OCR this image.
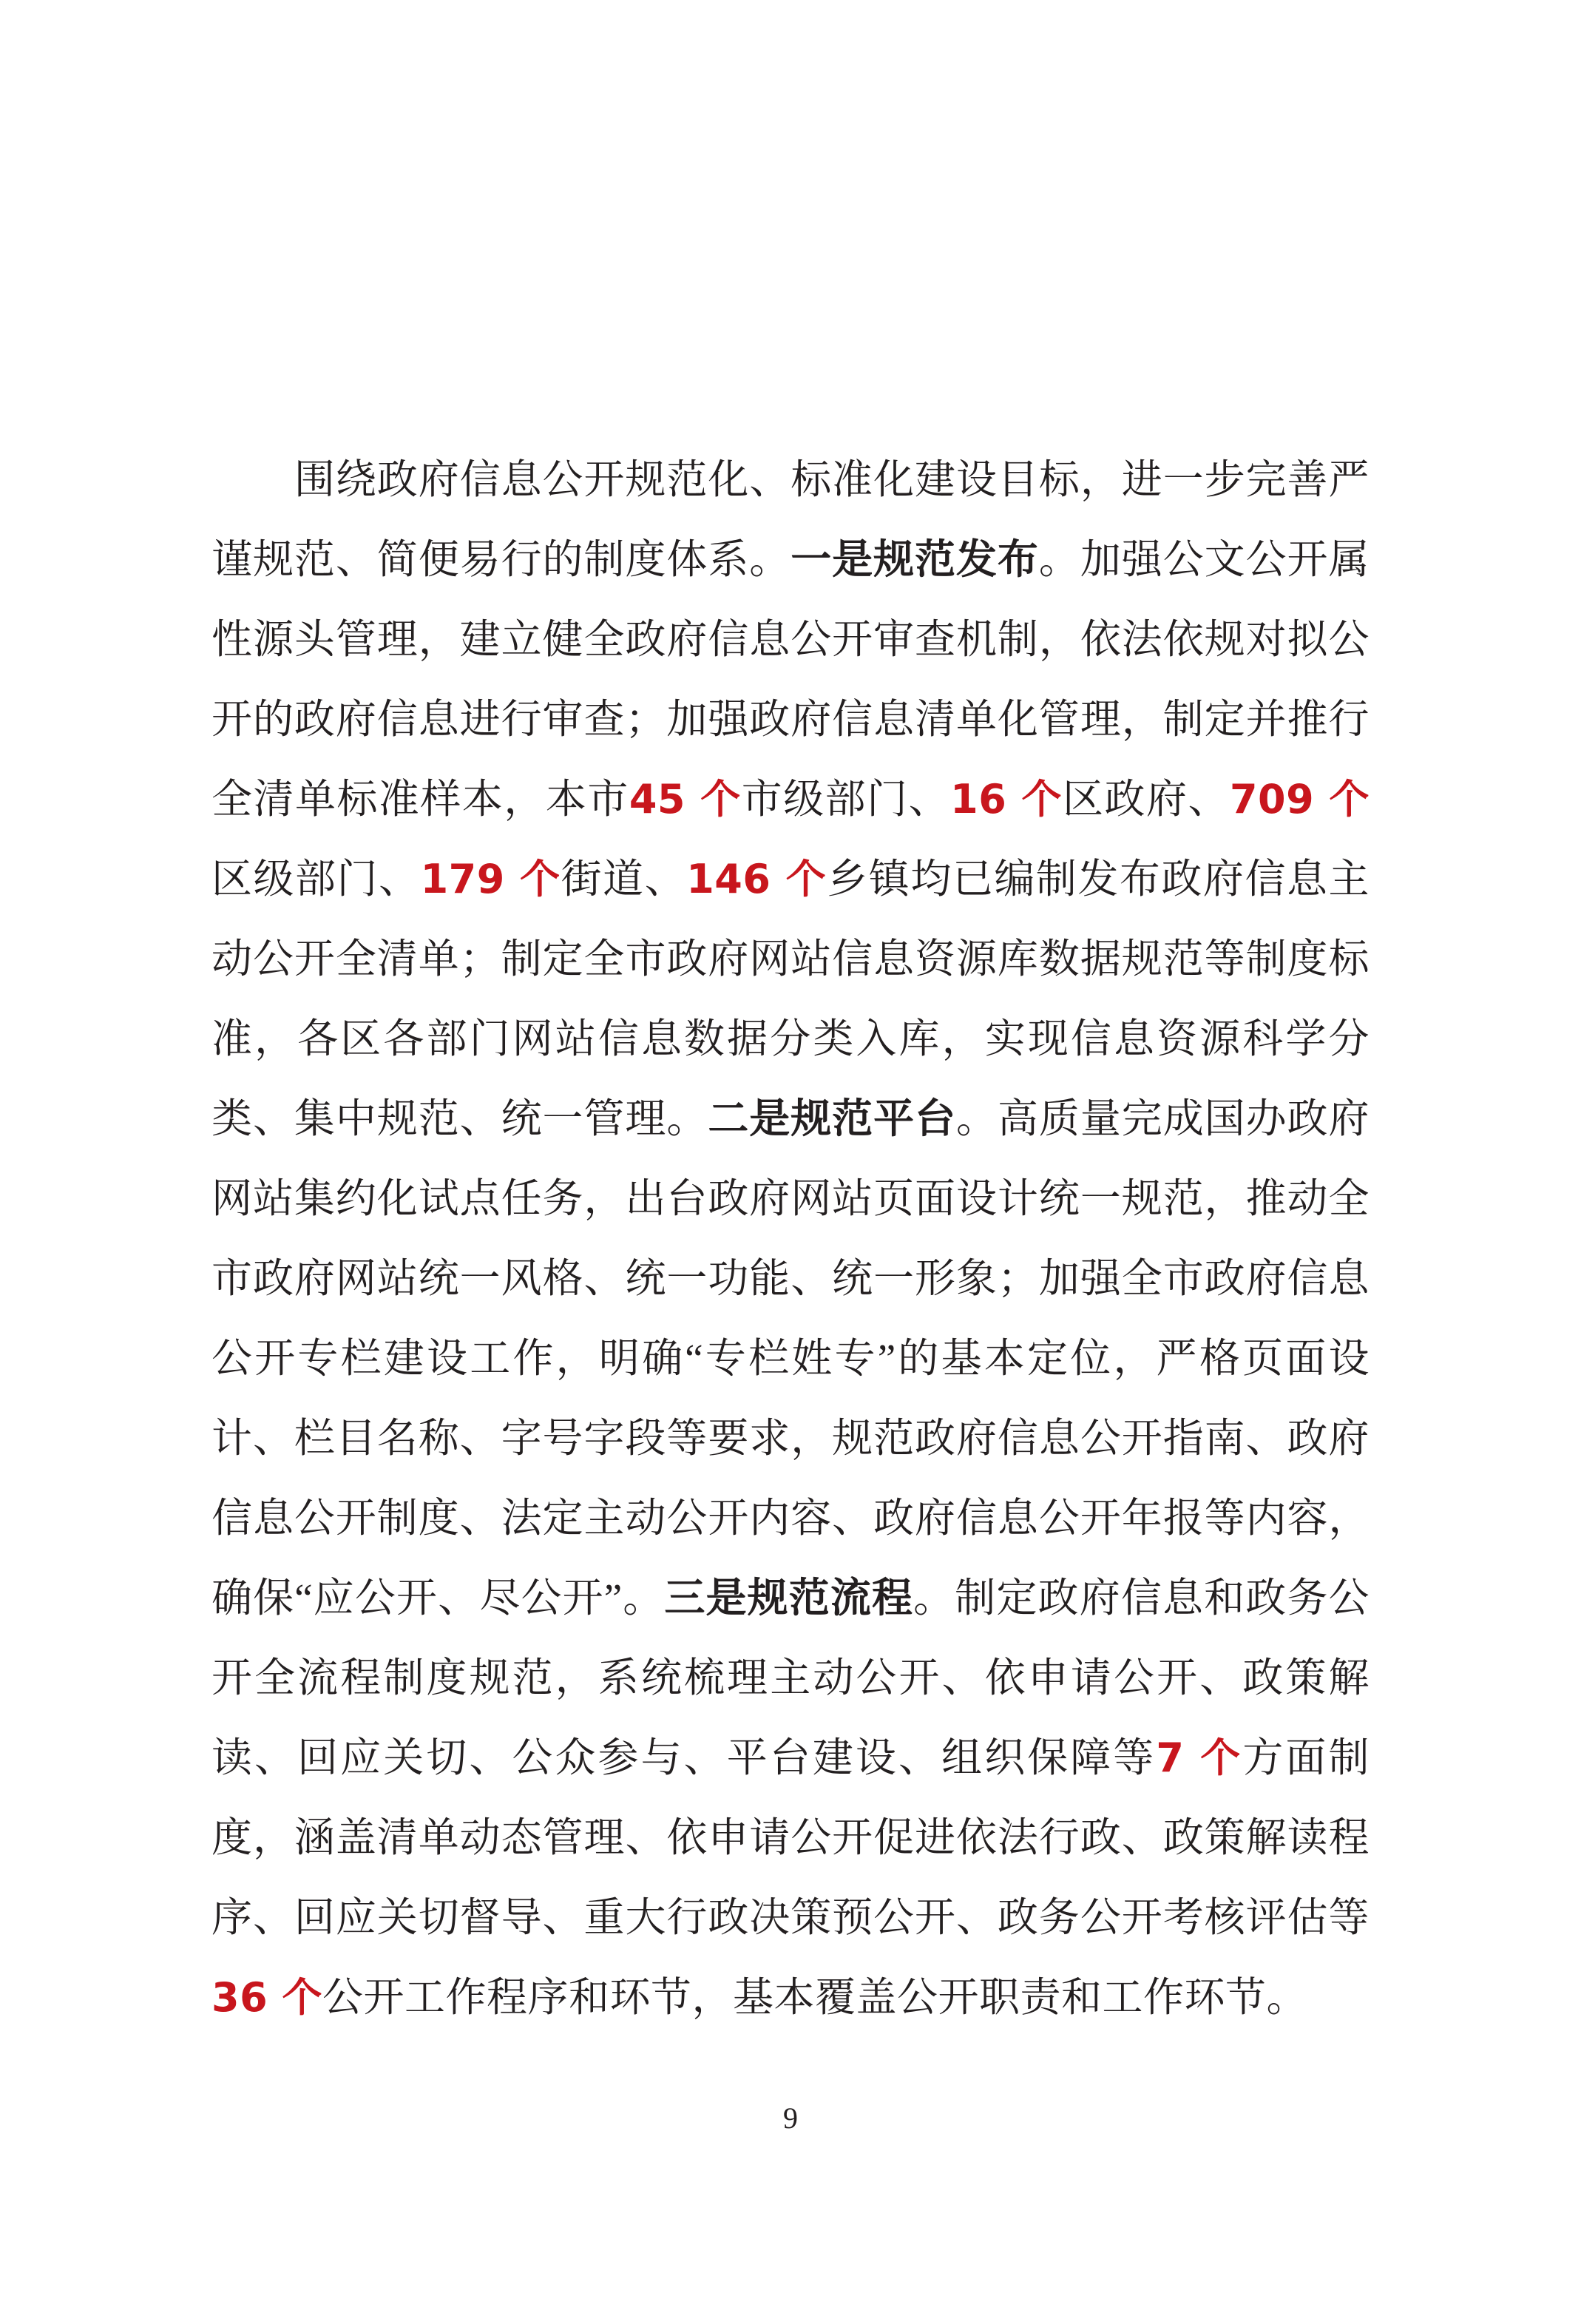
　　围绕政府信息公开规范化、标准化建设目标，进一步完善严谨规范、简便易行的制度体系。一是规范发布。加强公文公开属性源头管理，建立健全政府信息公开审查机制，依法依规对拟公开的政府信息进行审查；加强政府信息清单化管理，制定并推行全清单标准样本，本市45 个市级部门、16 个区政府、709 个区级部门、179 个街道、146 个乡镇均已编制发布政府信息主动公开全清单；制定全市政府网站信息资源库数据规范等制度标准，各区各部门网站信息数据分类入库，实现信息资源科学分类、集中规范、统一管理。二是规范平台。高质量完成国办政府网站集约化试点任务，出台政府网站页面设计统一规范，推动全市政府网站统一风格、统一功能、统一形象；加强全市政府信息公开专栏建设工作，明确“专栏姓专”的基本定位，严格页面设计、栏目名称、字号字段等要求，规范政府信息公开指南、政府信息公开制度、法定主动公开内容、政府信息公开年报等内容，确保“应公开、尽公开”。三是规范流程。制定政府信息和政务公开全流程制度规范，系统梳理主动公开、依申请公开、政策解读、回应关切、公众参与、平台建设、组织保障等7 个方面制度，涵盖清单动态管理、依申请公开促进依法行政、政策解读程序、回应关切督导、重大行政决策预公开、政务公开考核评估等36 个公开工作程序和环节，基本覆盖公开职责和工作环节。

9
